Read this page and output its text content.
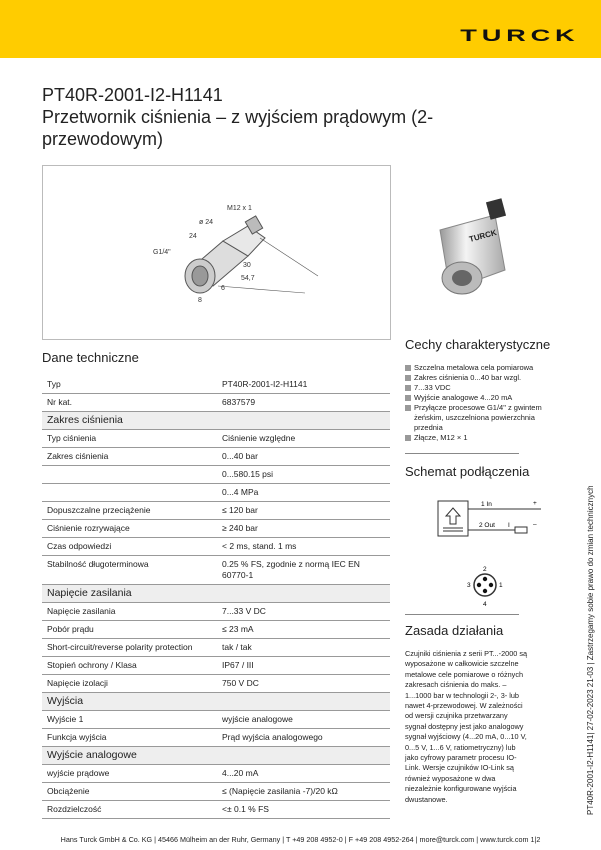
TURCK
PT40R-2001-I2-H1141
Przetwornik ciśnienia – z wyjściem prądowym (2-przewodowym)
M12 x 1
ø 24
24
G1/4"
30
54,7
6
8
TURCK
Dane techniczne
Typ	PT40R-2001-I2-H1141
Nr kat.	6837579
Zakres ciśnienia	
Typ ciśnienia	Ciśnienie względne
Zakres ciśnienia	0...40 bar
	0...580.15 psi
	0...4 MPa
Dopuszczalne przeciążenie	≤ 120 bar
Ciśnienie rozrywające	≥ 240 bar
Czas odpowiedzi	< 2 ms, stand. 1 ms
Stabilność długoterminowa	0.25 % FS, zgodnie z normą IEC EN 60770-1
Napięcie zasilania	
Napięcie zasilania	7...33 V DC
Pobór prądu	≤ 23 mA
Short-circuit/reverse polarity protection	tak / tak
Stopień ochrony / Klasa	IP67 / III
Napięcie izolacji	750 V DC
Wyjścia	
Wyjście 1	wyjście analogowe
Funkcja wyjścia	Prąd wyjścia analogowego
Wyjście analogowe	
wyjście prądowe	4...20 mA
Obciążenie	≤ (Napięcie zasilania -7)/20 kΩ
Rozdzielczość	<± 0.1 % FS
Cechy charakterystyczne
Szczelna metalowa cela pomiarowa
Zakres ciśnienia 0...40 bar wzgl.
7...33 VDC
Wyjście analogowe 4...20 mA
Przyłącze procesowe G1/4" z gwintem żeńskim, uszczelniona powierzchnia przednia
Złącze, M12 × 1
Schemat podłączenia
1 In
2 Out I
+
–
2
1
3
4
Zasada działania
Czujniki ciśnienia z serii PT...-2000 są wyposażone w całkowicie szczelne metalowe cele pomiarowe o różnych zakresach ciśnienia do maks. –1...1000 bar w technologii 2-, 3- lub nawet 4-przewodowej. W zależności od wersji czujnika przetwarzany sygnał dostępny jest jako analogowy sygnał wyjściowy (4...20 mA, 0...10 V, 0...5 V, 1...6 V, ratiometryczny) lub jako cyfrowy parametr procesu IO-Link. Wersje czujników IO-Link są również wyposażone w dwa niezależnie konfigurowane wyjścia dwustanowe.	PT40R-2001-I2-H1141| 27-02-2023 21-03 | Zastrzegamy sobie prawo do zmian technicznych
Hans Turck GmbH & Co. KG | 45466 Mülheim an der Ruhr, Germany | T +49 208 4952-0 | F +49 208 4952-264 | more@turck.com | www.turck.com 1|2
